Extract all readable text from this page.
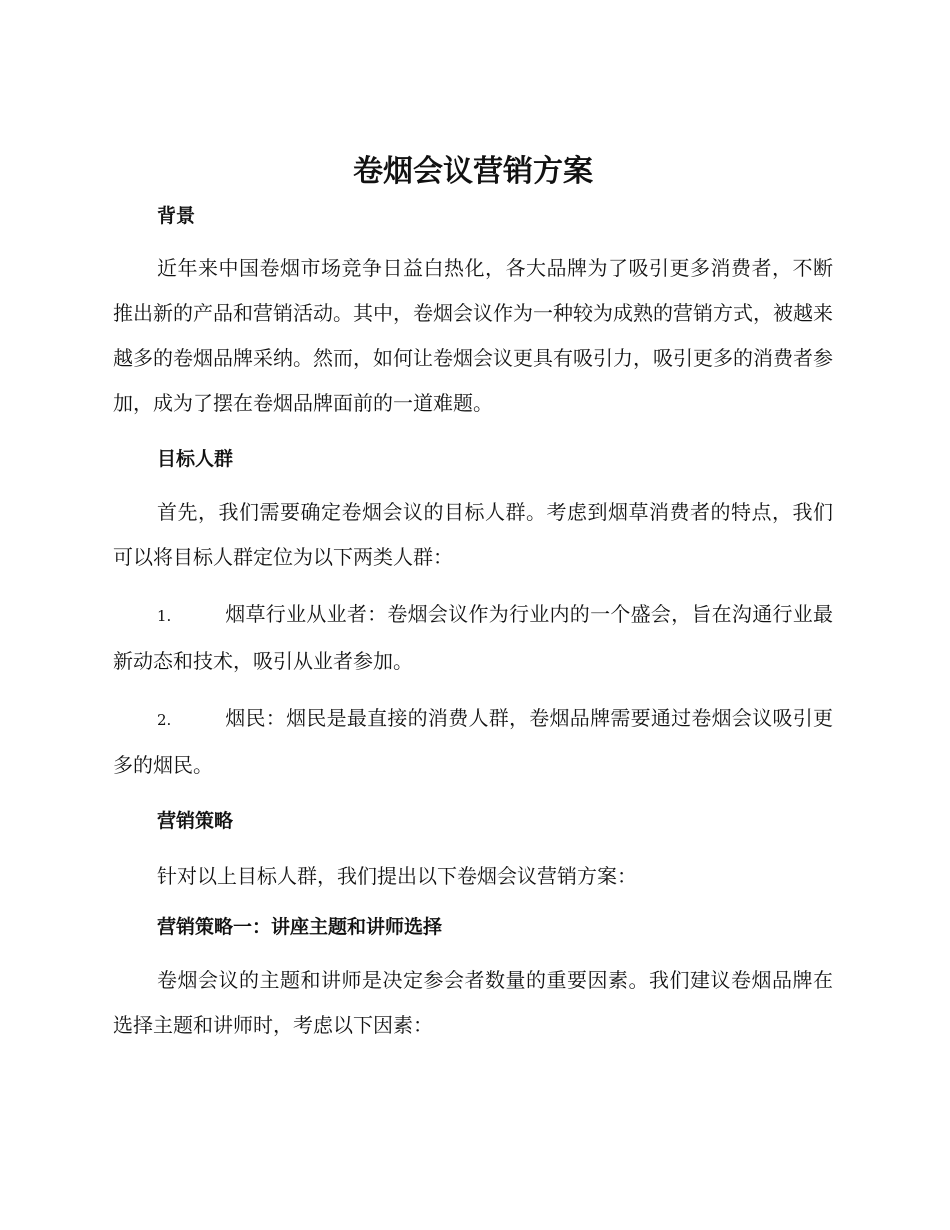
卷烟会议营销方案
背景

近年来中国卷烟市场竞争日益白热化，各大品牌为了吸引更多消费者，不断推出新的产品和营销活动。其中，卷烟会议作为一种较为成熟的营销方式，被越来越多的卷烟品牌采纳。然而，如何让卷烟会议更具有吸引力，吸引更多的消费者参加，成为了摆在卷烟品牌面前的一道难题。

目标人群

首先，我们需要确定卷烟会议的目标人群。考虑到烟草消费者的特点，我们可以将目标人群定位为以下两类人群：

1.	烟草行业从业者：卷烟会议作为行业内的一个盛会，旨在沟通行业最新动态和技术，吸引从业者参加。

2.	烟民：烟民是最直接的消费人群，卷烟品牌需要通过卷烟会议吸引更多的烟民。

营销策略

针对以上目标人群，我们提出以下卷烟会议营销方案：

营销策略一：讲座主题和讲师选择

卷烟会议的主题和讲师是决定参会者数量的重要因素。我们建议卷烟品牌在选择主题和讲师时，考虑以下因素：
